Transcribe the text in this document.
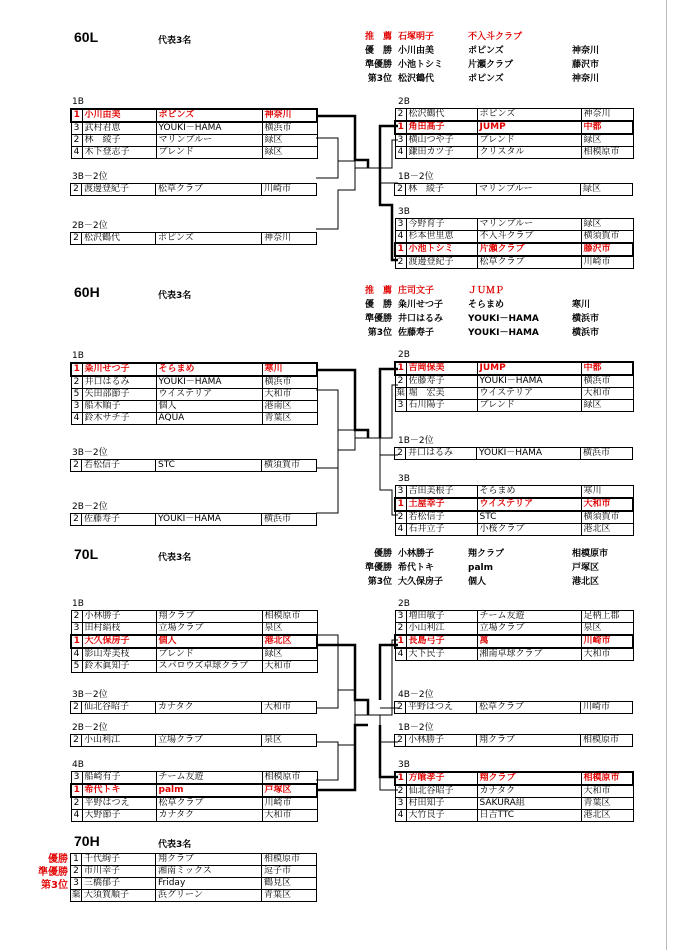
60L	代表3名	推　薦 石塚明子	不入斗クラブ
優　勝 小川由美	ポピンズ	神奈川
準優勝 小池トシミ	片瀬クラブ	藤沢市
第3位 松沢鶴代	ポピンズ	神奈川
1B
1	小川由美	ポピンズ	神奈川
3	武村君恵	YOUKI－HAMA	横浜市
2	林　綾子	マリンブルー	緑区
4	木下登志子	ブレンド	緑区
3B－2位
2	渡邊登紀子	松草クラブ	川崎市
2B－2位
2	松沢鶴代	ポピンズ	神奈川
2B
2	松沢鶴代	ポピンズ	神奈川
1	角田高子	JUMP	中都
3	横山つや子	ブレンド	緑区
4	鎌田カツ子	クリスタル	相模原市
1B－2位
2	林　綾子	マリンブルー	緑区
3B
3	今野育子	マリンブルー	緑区
4	杉本世里恵	不入斗クラブ	横須賀市
1	小池トシミ	片瀬クラブ	藤沢市
2	渡邊登紀子	松草クラブ	川崎市
60H	代表3名	推　薦 庄司文子	ＪＵＭＰ
優　勝 粂川せつ子	そらまめ	寒川
準優勝 井口はるみ	YOUKI－HAMA	横浜市
第3位 佐藤寿子	YOUKI－HAMA	横浜市
1B
1	粂川せつ子	そらまめ	寒川
2	井口はるみ	YOUKI－HAMA	横浜市
5	矢田部節子	ウイステリア	大和市
3	船木順子	個人	港南区
4	鈴木サチ子	AQUA	青葉区
3B－2位
2	若松信子	STC	横須賀市
2B－2位
2	佐藤寿子	YOUKI－HAMA	横浜市
2B
1	吉岡保美	JUMP	中都
2	佐藤寿子	YOUKI－HAMA	横浜市
棄	堀　宏美	ウイステリア	大和市
3	石川陽子	ブレンド	緑区
1B－2位
2	井口はるみ	YOUKI－HAMA	横浜市
3B
3	吉田美根子	そらまめ	寒川
1	土屋幸子	ウイステリア	大和市
2	若松信子	STC	横須賀市
4	石井立子	小桜クラブ	港北区
70L	代表3名	優勝 小林勝子	翔クラブ	相模原市
準優勝 希代トキ	palm	戸塚区
第3位 大久保房子	個人	港北区
1B
2	小林勝子	翔クラブ	相模原市
3	田村絹枝	立場クラブ	泉区
1	大久保房子	個人	港北区
4	影山寿美枝	ブレンド	緑区
5	鈴木眞知子	スパロウズ卓球クラブ	大和市
3B－2位
2	仙北谷昭子	カナタク	大和市
2B－2位
2	小山利江	立場クラブ	泉区
4B
3	船崎有子	チーム友遊	相模原市
1	希代トキ	palm	戸塚区
2	平野はつえ	松草クラブ	川崎市
4	大野節子	カナタク	大和市
2B
3	増田敏子	チーム友遊	足柄上郡
2	小山利江	立場クラブ	泉区
1	長島弓子	萬	川崎市
4	大下民子	湘南卓球クラブ	大和市
4B－2位
2	平野はつえ	松草クラブ	川崎市
1B－2位
2	小林勝子	翔クラブ	相模原市
3B
1	方喰孝子	翔クラブ	相模原市
2	仙北谷昭子	カナタク	大和市
3	村田知子	SAKURA組	青葉区
4	大竹良子	日吉TTC	港北区
70H	代表3名
優勝
準優勝
第3位
1	千代絢子	翔クラブ	相模原市
2	市川幸子	湘南ミックス	逗子市
3	三橋郁子	Friday	鶴見区
棄	大須賀順子	浜グリーン	青葉区
